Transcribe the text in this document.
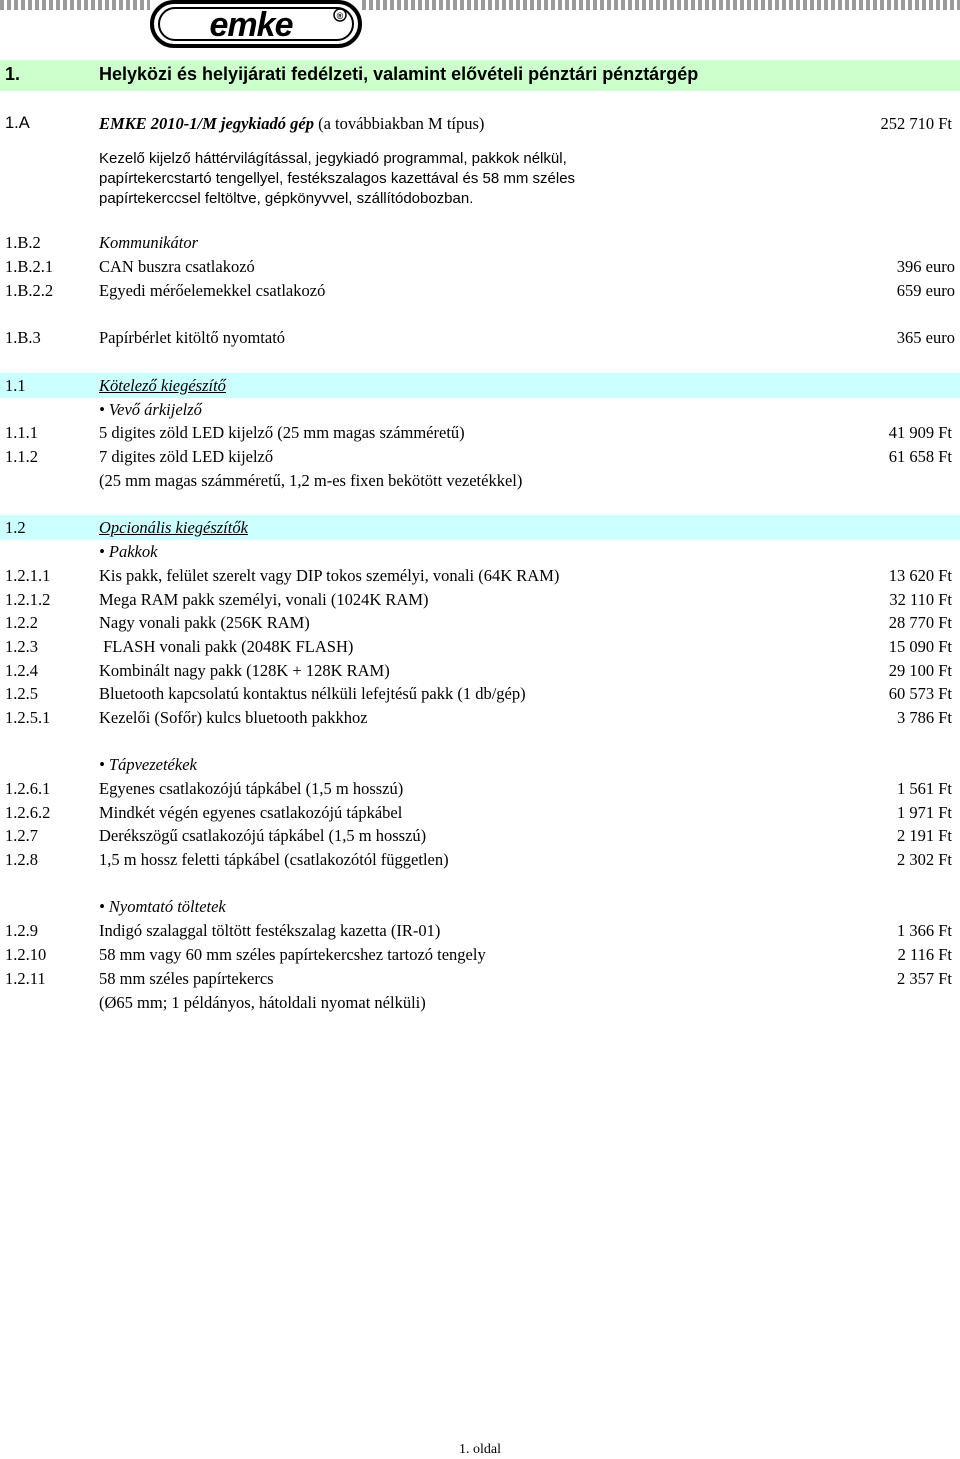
emke	®
1.	Helyközi és helyijárati fedélzeti, valamint elővételi pénztári pénztárgép
1.A	EMKE 2010-1/M jegykiadó gép (a továbbiakban M típus)	252 710 Ft
Kezelő kijelző háttérvilágítással, jegykiadó programmal, pakkok nélkül,
papírtekercstartó tengellyel, festékszalagos kazettával és 58 mm széles
papírtekerccsel feltöltve, gépkönyvvel, szállítódobozban.
1.B.2	Kommunikátor
1.B.2.1	CAN buszra csatlakozó	396 euro
1.B.2.2	Egyedi mérőelemekkel csatlakozó	659 euro
1.B.3	Papírbérlet kitöltő nyomtató	365 euro
1.1	Kötelező kiegészítő
• Vevő árkijelző
1.1.1	5 digites zöld LED kijelző (25 mm magas számméretű)	41 909 Ft
1.1.2	7 digites zöld LED kijelző	61 658 Ft
(25 mm magas számméretű, 1,2 m-es fixen bekötött vezetékkel)
1.2	Opcionális kiegészítők
• Pakkok
1.2.1.1	Kis pakk, felület szerelt vagy DIP tokos személyi, vonali (64K RAM)	13 620 Ft
1.2.1.2	Mega RAM pakk személyi, vonali (1024K RAM)	32 110 Ft
1.2.2	Nagy vonali pakk (256K RAM)	28 770 Ft
1.2.3	FLASH vonali pakk (2048K FLASH)	15 090 Ft
1.2.4	Kombinált nagy pakk (128K + 128K RAM)	29 100 Ft
1.2.5	Bluetooth kapcsolatú kontaktus nélküli lefejtésű pakk (1 db/gép)	60 573 Ft
1.2.5.1	Kezelői (Sofőr) kulcs bluetooth pakkhoz	3 786 Ft
• Tápvezetékek
1.2.6.1	Egyenes csatlakozójú tápkábel (1,5 m hosszú)	1 561 Ft
1.2.6.2	Mindkét végén egyenes csatlakozójú tápkábel	1 971 Ft
1.2.7	Derékszögű csatlakozójú tápkábel (1,5 m hosszú)	2 191 Ft
1.2.8	1,5 m hossz feletti tápkábel (csatlakozótól független)	2 302 Ft
• Nyomtató töltetek
1.2.9	Indigó szalaggal töltött festékszalag kazetta (IR-01)	1 366 Ft
1.2.10	58 mm vagy 60 mm széles papírtekercshez tartozó tengely	2 116 Ft
1.2.11	58 mm széles papírtekercs	2 357 Ft
(Ø65 mm; 1 példányos, hátoldali nyomat nélküli)
1. oldal
